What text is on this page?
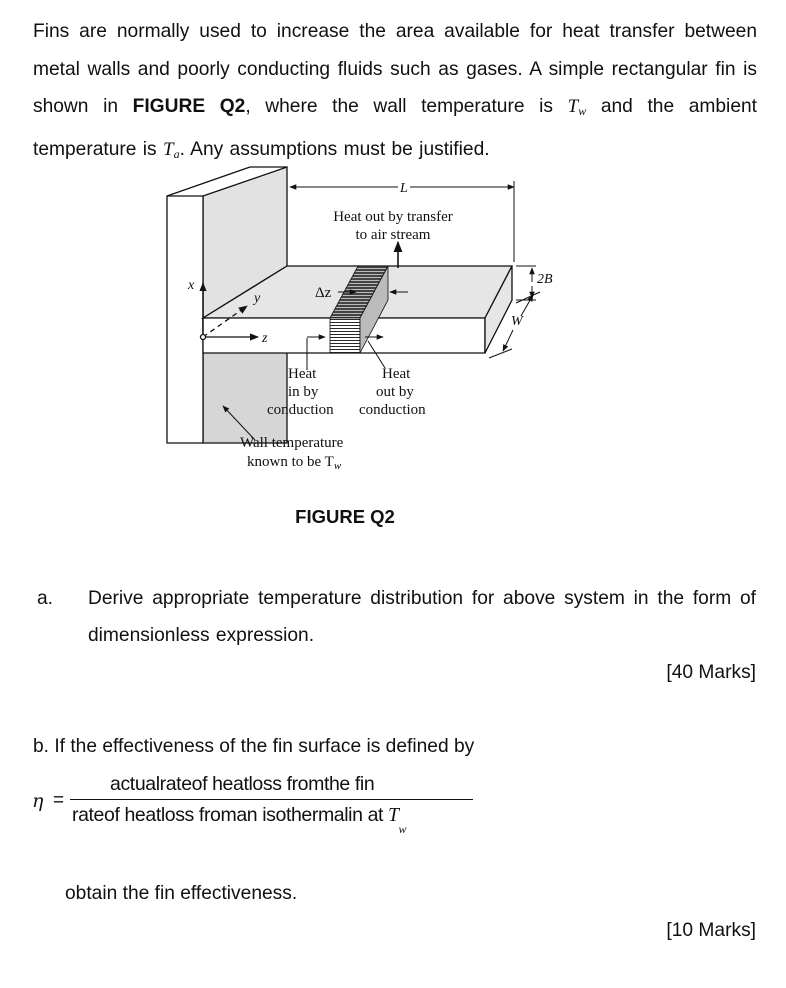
Fins are normally used to increase the area available for heat transfer between metal walls and poorly conducting fluids such as gases. A simple rectangular fin is shown in FIGURE Q2, where the wall temperature is $T_w$ and the ambient temperature is $T_a$. Any assumptions must be justified.
x
y
z
L
Heat out by transfer
to air stream
Δz
2B
W
Heat
in by
conduction
Heat
out by
conduction
Wall temperature
known to be $T_w$
FIGURE Q2
a. Derive appropriate temperature distribution for above system in the form of dimensionless expression.
[40 Marks]
b. If the effectiveness of the fin surface is defined by
η =
actualrateof heatloss fromthe fin
rateof heatloss froman isothermalin at T
w
obtain the fin effectiveness.
[10 Marks]
